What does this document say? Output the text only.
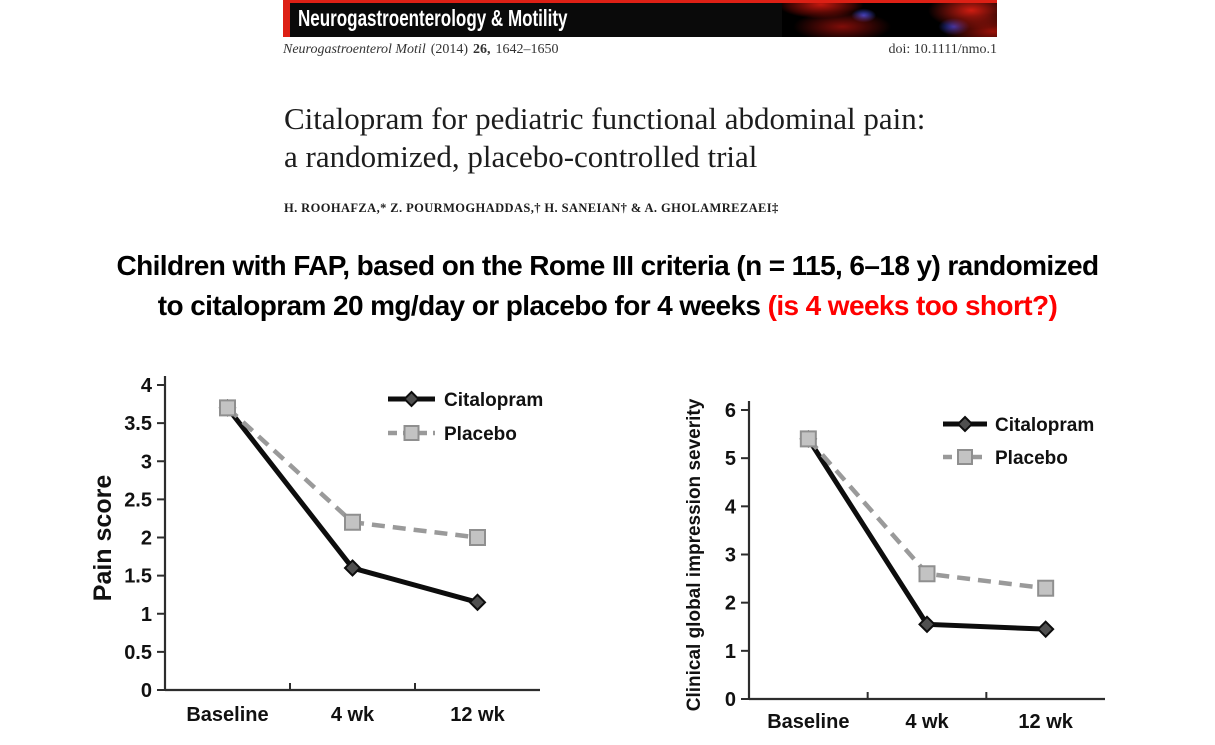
Neurogastroenterology & Motility
Neurogastroenterol Motil (2014) 26, 1642–1650	doi: 10.1111/nmo.1
Citalopram for pediatric functional abdominal pain:
a randomized, placebo-controlled trial
H. ROOHAFZA,* Z. POURMOGHADDAS,† H. SANEIAN† & A. GHOLAMREZAEI‡
Children with FAP, based on the Rome III criteria (n = 115, 6–18 y) randomized
to citalopram 20 mg/day or placebo for 4 weeks (is 4 weeks too short?)
0
0.5
1
1.5
2
2.5
3
3.5
4
Baseline	4 wk	12 wk
Pain score
Citalopram
Placebo
0
1
2
3
4
5
6
Baseline	4 wk	12 wk
Clinical global impression severity	Citalopram
Placebo
